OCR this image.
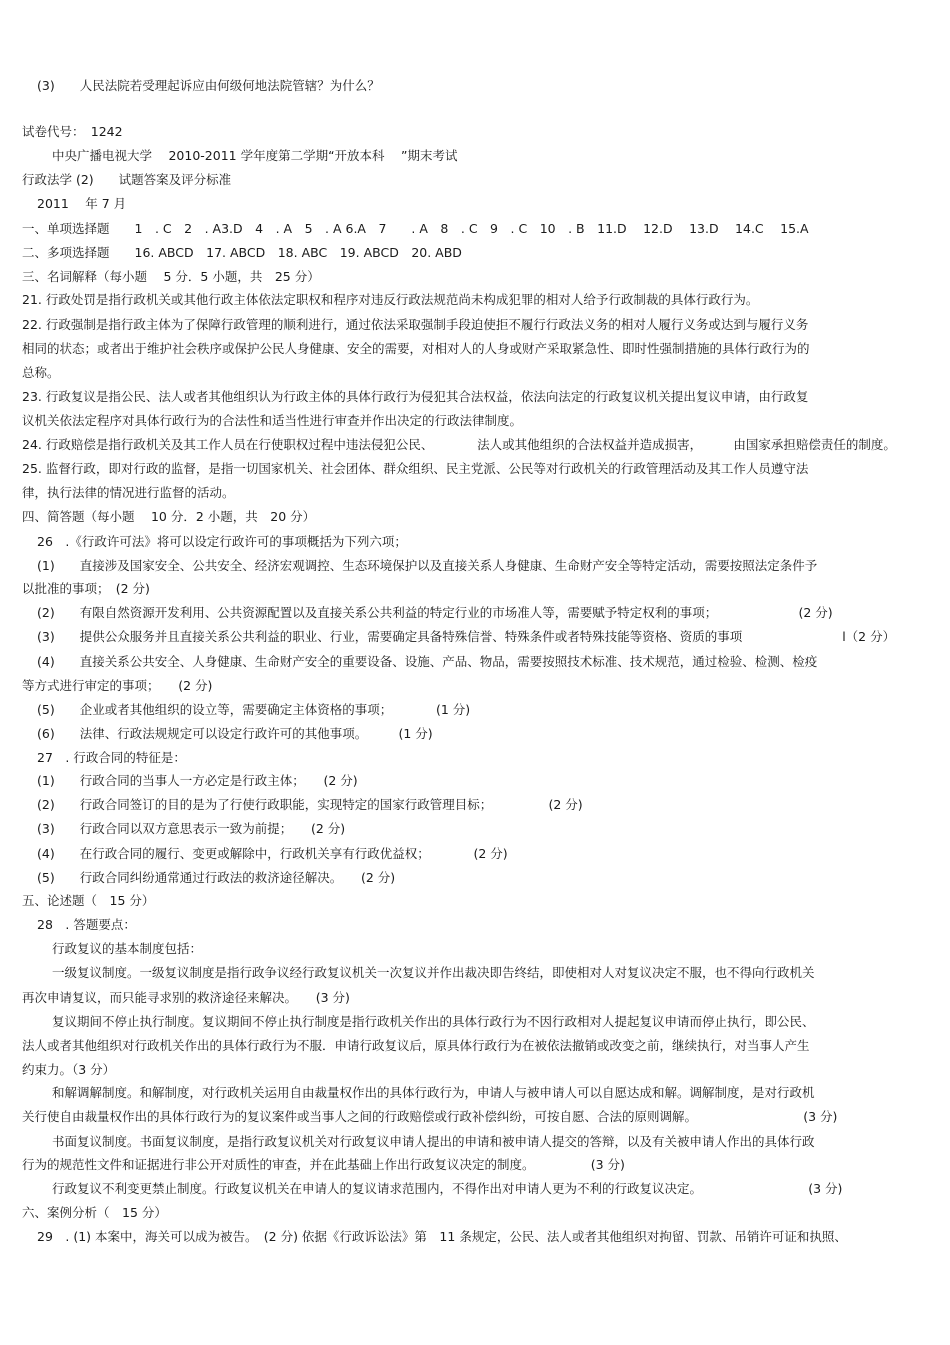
(3)　　人民法院若受理起诉应由何级何地法院管辖？为什么？
试卷代号：　1242
中央广播电视大学　 2010-2011 学年度第二学期“开放本科　 ”期末考试
行政法学 (2)　　试题答案及评分标准
2011　 年 7 月
一、单项选择题　　1　. C　2　. A3.D　4　. A　5　. A 6.A　7　　. A　8　. C　9　. C　10　. B　11.D　 12.D　 13.D　 14.C　 15.A
二、多项选择题　　16. ABCD　17. ABCD　18. ABC　19. ABCD　20. ABD
三、名词解释（每小题　 5 分．5 小题，共　25 分）
21. 行政处罚是指行政机关或其他行政主体依法定职权和程序对违反行政法规范尚未构成犯罪的相对人给予行政制裁的具体行政行为。
22. 行政强制是指行政主体为了保障行政管理的顺利进行，通过依法采取强制手段迫使拒不履行行政法义务的相对人履行义务或达到与履行义务
相同的状态；或者出于维护社会秩序或保护公民人身健康、安全的需要，对相对人的人身或财产采取紧急性、即时性强制措施的具体行政行为的
总称。
23. 行政复议是指公民、法人或者其他组织认为行政主体的具体行政行为侵犯其合法权益，依法向法定的行政复议机关提出复议申请，由行政复
议机关依法定程序对具体行政行为的合法性和适当性进行审查并作出决定的行政法律制度。
24. 行政赔偿是指行政机关及其工作人员在行使职权过程中违法侵犯公民、　　　　法人或其他组织的合法权益并造成损害，　　　由国家承担赔偿责任的制度。
25. 监督行政，即对行政的监督，是指一切国家机关、社会团体、群众组织、民主党派、公民等对行政机关的行政管理活动及其工作人员遵守法
律，执行法律的情况进行监督的活动。
四、简答题（每小题　 10 分．2 小题，共　20 分）
26　.《行政许可法》将可以设定行政许可的事项概括为下列六项；
(1)　　直接涉及国家安全、公共安全、经济宏观调控、生态环境保护以及直接关系人身健康、生命财产安全等特定活动，需要按照法定条件予
以批准的事项；　(2 分)
(2)　　有限自然资源开发利用、公共资源配置以及直接关系公共利益的特定行业的市场准人等，需要赋予特定权利的事项；　　　　　　　(2 分)
(3)　　提供公众服务并且直接关系公共利益的职业、行业，需要确定具备特殊信誉、特殊条件或者特殊技能等资格、资质的事项　　　　　　　　l（2 分）
(4)　　直接关系公共安全、人身健康、生命财产安全的重要设备、设施、产品、物品，需要按照技术标准、技术规范，通过检验、检测、检疫
等方式进行审定的事项；　　(2 分)
(5)　　企业或者其他组织的设立等，需要确定主体资格的事项；　　　　(1 分)
(6)　　法律、行政法规规定可以设定行政许可的其他事项。　　　(1 分)
27　. 行政合同的特征是：
(1)　　行政合同的当事人一方必定是行政主体；　　(2 分)
(2)　　行政合同签订的目的是为了行使行政职能，实现特定的国家行政管理目标；　　　　　(2 分)
(3)　　行政合同以双方意思表示一致为前提；　　(2 分)
(4)　　在行政合同的履行、变更或解除中，行政机关享有行政优益权；　　　　(2 分)
(5)　　行政合同纠纷通常通过行政法的救济途径解决。　　(2 分)
五、论述题（　15 分）
28　. 答题要点：
行政复议的基本制度包括：
一级复议制度。一级复议制度是指行政争议经行政复议机关一次复议并作出裁决即告终结，即使相对人对复议决定不服，也不得向行政机关
再次申请复议，而只能寻求别的救济途径来解决。　　(3 分)
复议期间不停止执行制度。复议期间不停止执行制度是指行政机关作出的具体行政行为不因行政相对人提起复议申请而停止执行，即公民、
法人或者其他组织对行政机关作出的具体行政行为不服．申请行政复议后，原具体行政行为在被依法撤销或改变之前，继续执行，对当事人产生
约束力。（3 分）
和解调解制度。和解制度，对行政机关运用自由裁量权作出的具体行政行为，申请人与被申请人可以自愿达成和解。调解制度，是对行政机
关行使自由裁量权作出的具体行政行为的复议案件或当事人之间的行政赔偿或行政补偿纠纷，可按自愿、合法的原则调解。　　　　　　　　　(3 分)
书面复议制度。书面复议制度，是指行政复议机关对行政复议申请人提出的申请和被申请人提交的答辩，以及有关被申请人作出的具体行政
行为的规范性文件和证据进行非公开对质性的审查，并在此基础上作出行政复议决定的制度。　　　　　(3 分)
行政复议不利变更禁止制度。行政复议机关在申请人的复议请求范围内，不得作出对申请人更为不利的行政复议决定。　　　　　　　　　(3 分)
六、案例分析（　15 分）
29　. (1) 本案中，海关可以成为被告。　(2 分) 依据《行政诉讼法》第　11 条规定，公民、法人或者其他组织对拘留、罚款、吊销许可证和执照、
